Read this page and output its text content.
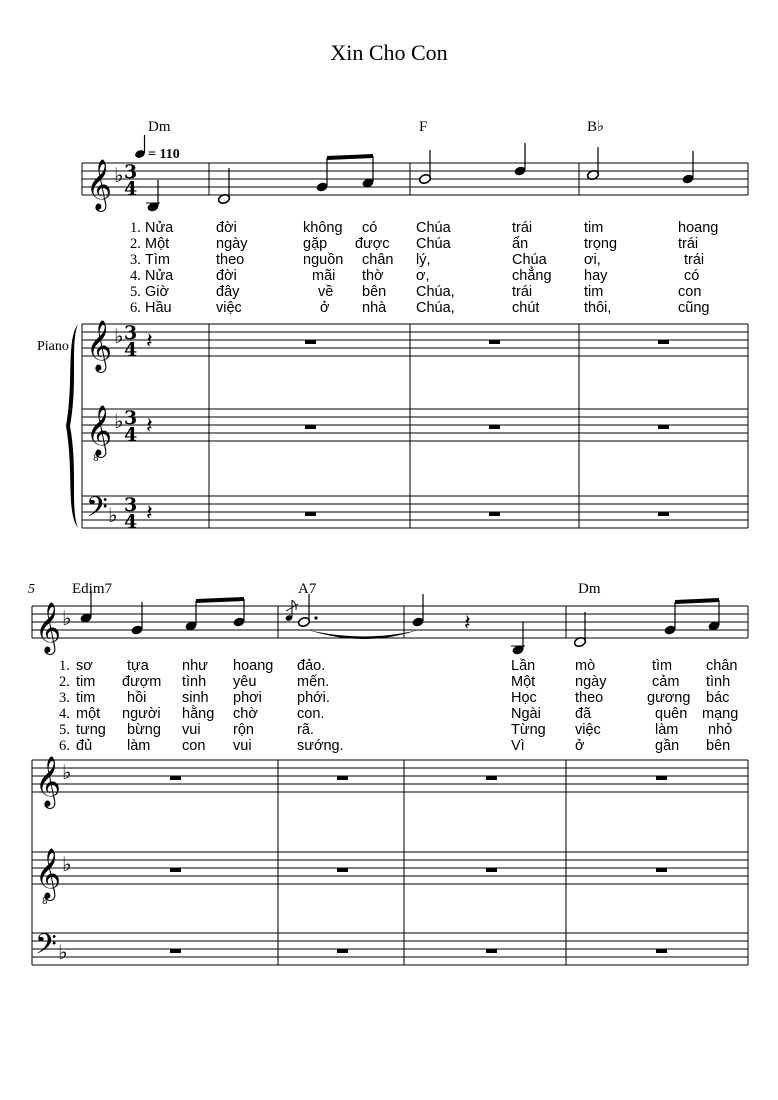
Xin Cho Con
Dm	F	B♭
= 110
𝄞 ♭ 3
4
1.
2.
3.
4.
5.
6.
Nửa	đời	không có	Chúa	trái	tim	hoang
Một	ngày	gặp được Chúa	ẩn	trọng	trái
Tìm	theo	nguồn chân lý,	Chúa	ơi,	trái
Nửa	đời	mãi thờ ơ,	chẳng hay	có
Giờ	đây	về bên Chúa,	trái	tim	con
Hầu	việc	ở nhà Chúa,	chút	thôi,	cũng
Piano 𝄞 ♭ 3
4
𝄞
8
♭ 3
4
𝄢 ♭ 3
4
𝄽
𝄽
𝄽
5 Edim7	A7	Dm
𝄞 ♭	𝄽
1.
2.
3.
4.
5.
6.
sơ tựa như hoang đảo.	Lần	mò	tìm chân
tim đượm tình yêu	mến.	Một	ngày	cảm tình
tim hồi sinh phơi phới.	Học	theo	gương bác
một người hằng chờ	con.	Ngài đã	quên mạng
tưng bừng vui rộn	rã.	Từng việc	làm nhỏ
đủ làm con vui	sướng.	Vì	ở	gần bên
𝄞 ♭
𝄞
8
♭
𝄢 ♭
